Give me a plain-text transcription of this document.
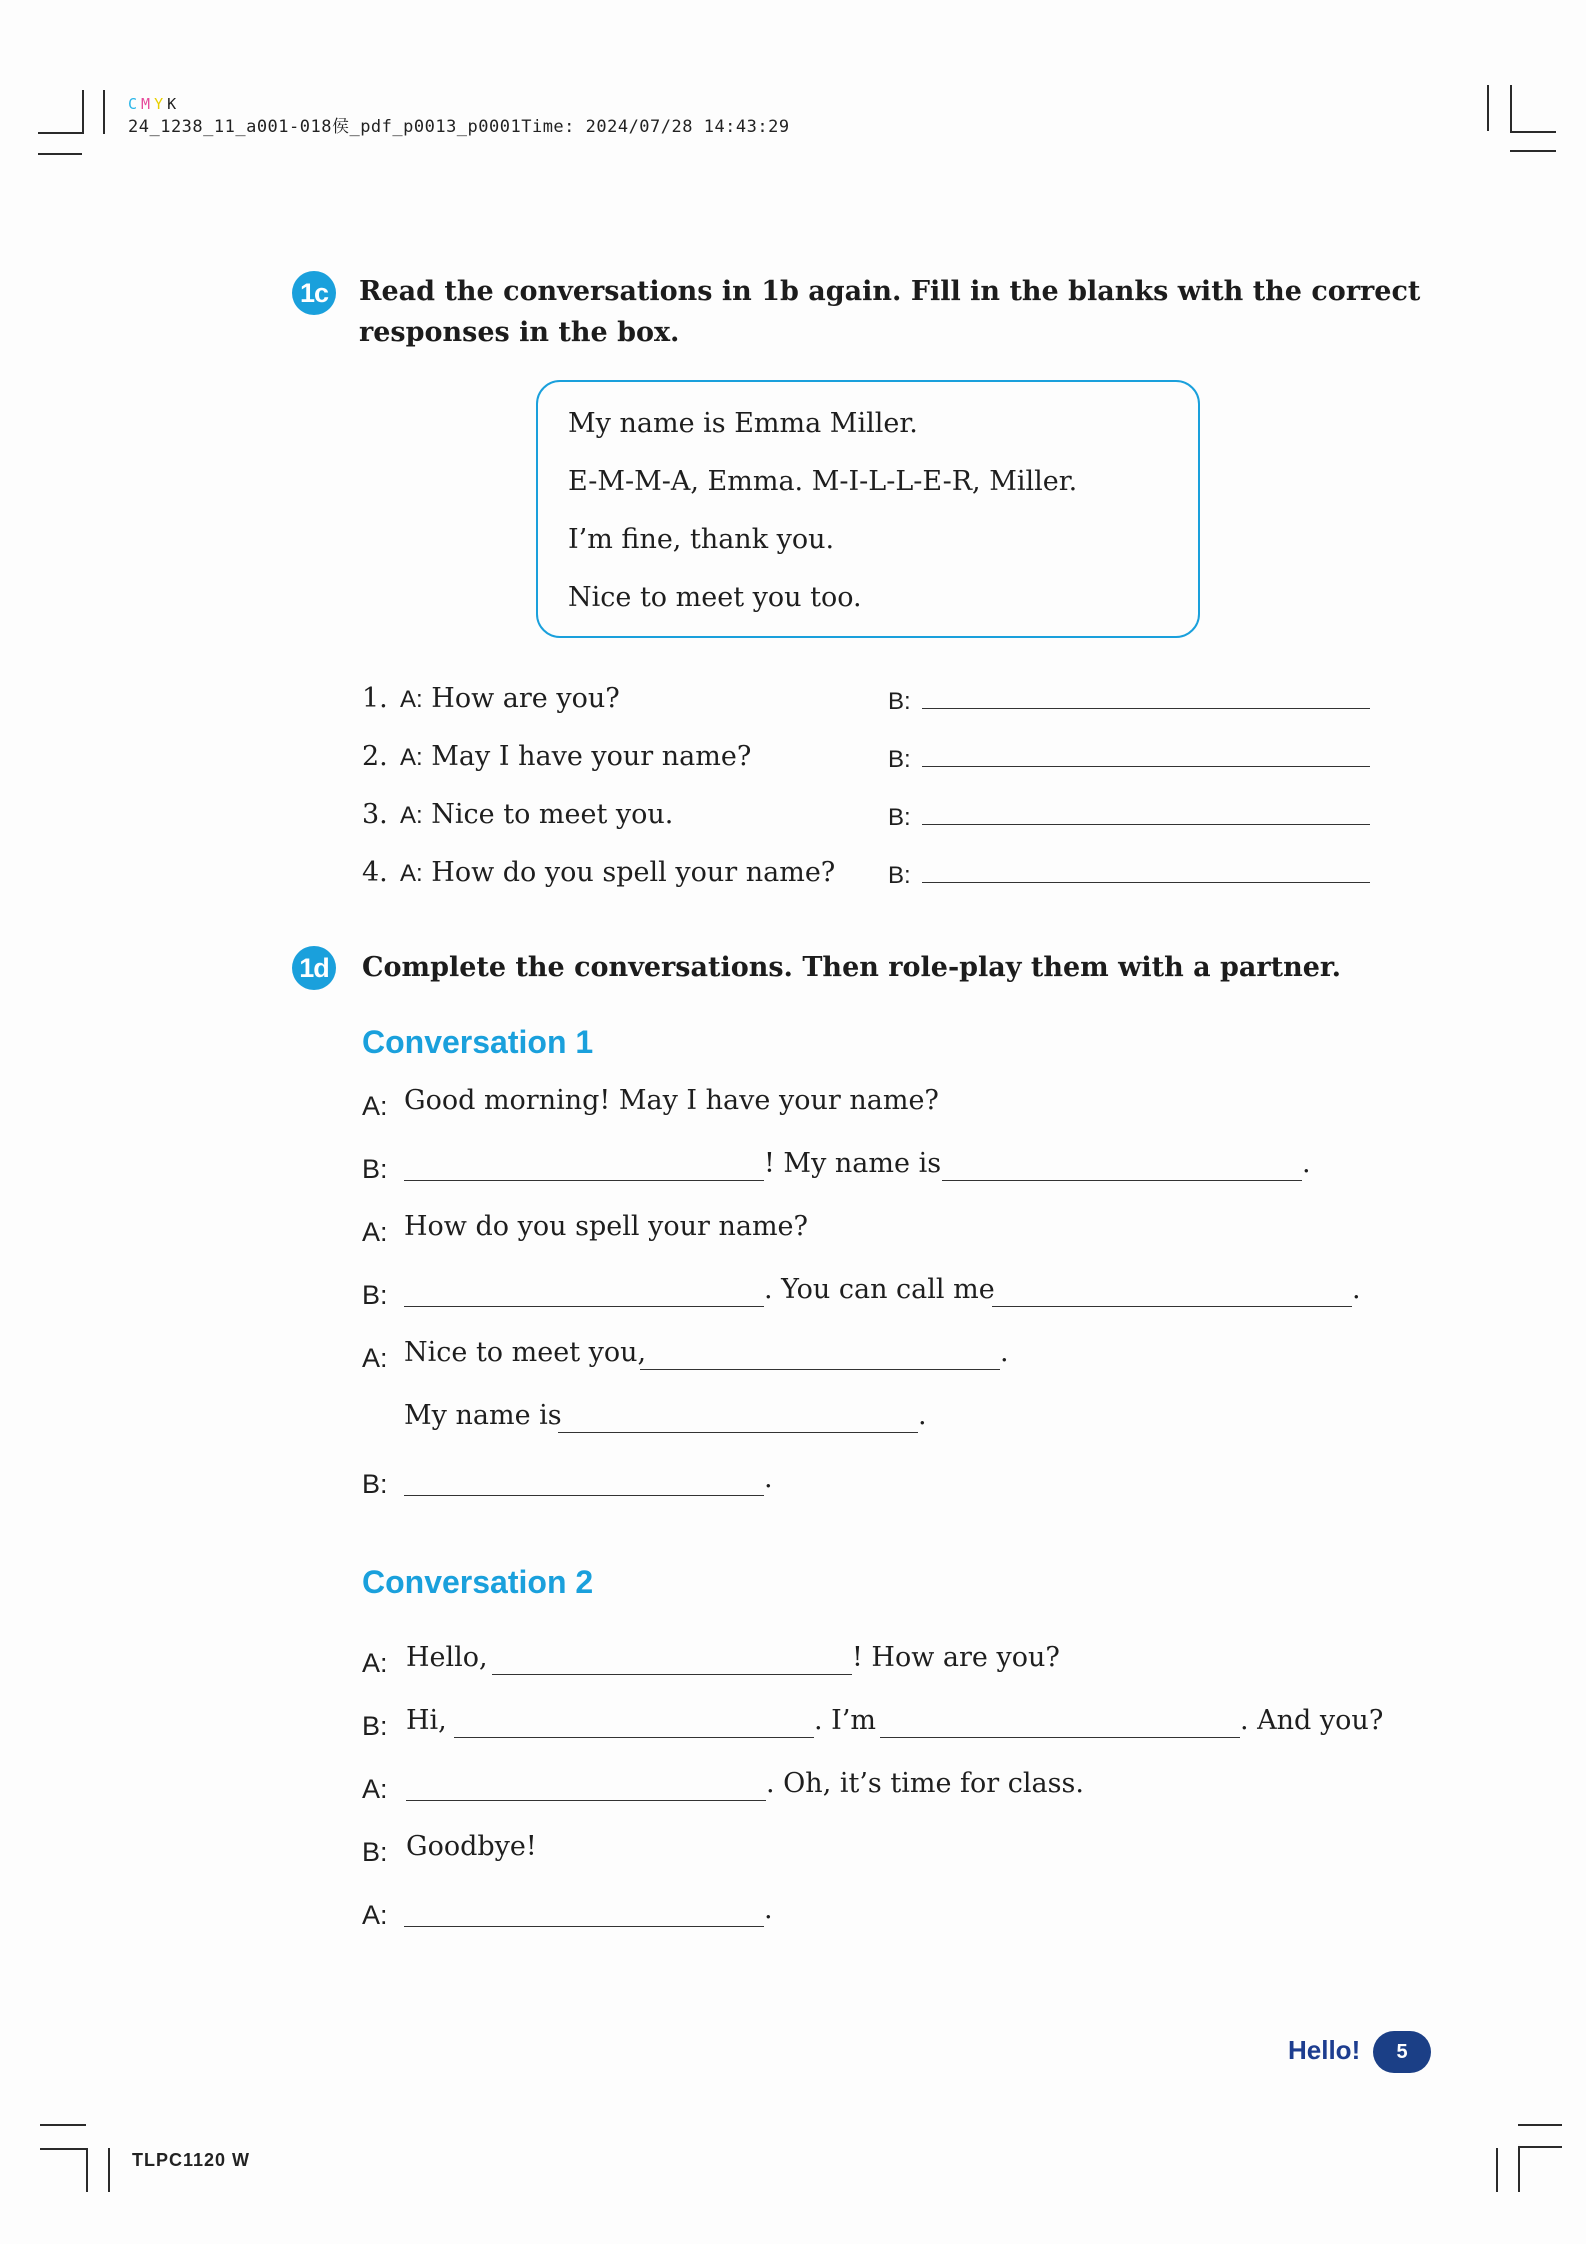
CMYK
24_1238_11_a001-018侯_pdf_p0013_p0001Time: 2024/07/28 14:43:29
1c Read the conversations in 1b again. Fill in the blanks with the correct
responses in the box.
My name is Emma Miller.
E-M-M-A, Emma. M-I-L-L-E-R, Miller.
I’m fine, thank you.
Nice to meet you too.
1. A: How are you?	B:
2. A: May I have your name?	B:
3. A: Nice to meet you.	B:
4. A: How do you spell your name? B:
1d Complete the conversations. Then role-play them with a partner.
Conversation 1
A: Good morning! May I have your name?
B:	! My name is	.
A: How do you spell your name?
B:	. You can call me	.
A: Nice to meet you,	.
My name is	.
B:	.
Conversation 2
A: Hello,	! How are you?
B: Hi,	. I’m	. And you?
A:	. Oh, it’s time for class.
B: Goodbye!
A:	.
Hello!	5
TLPC1120 W
